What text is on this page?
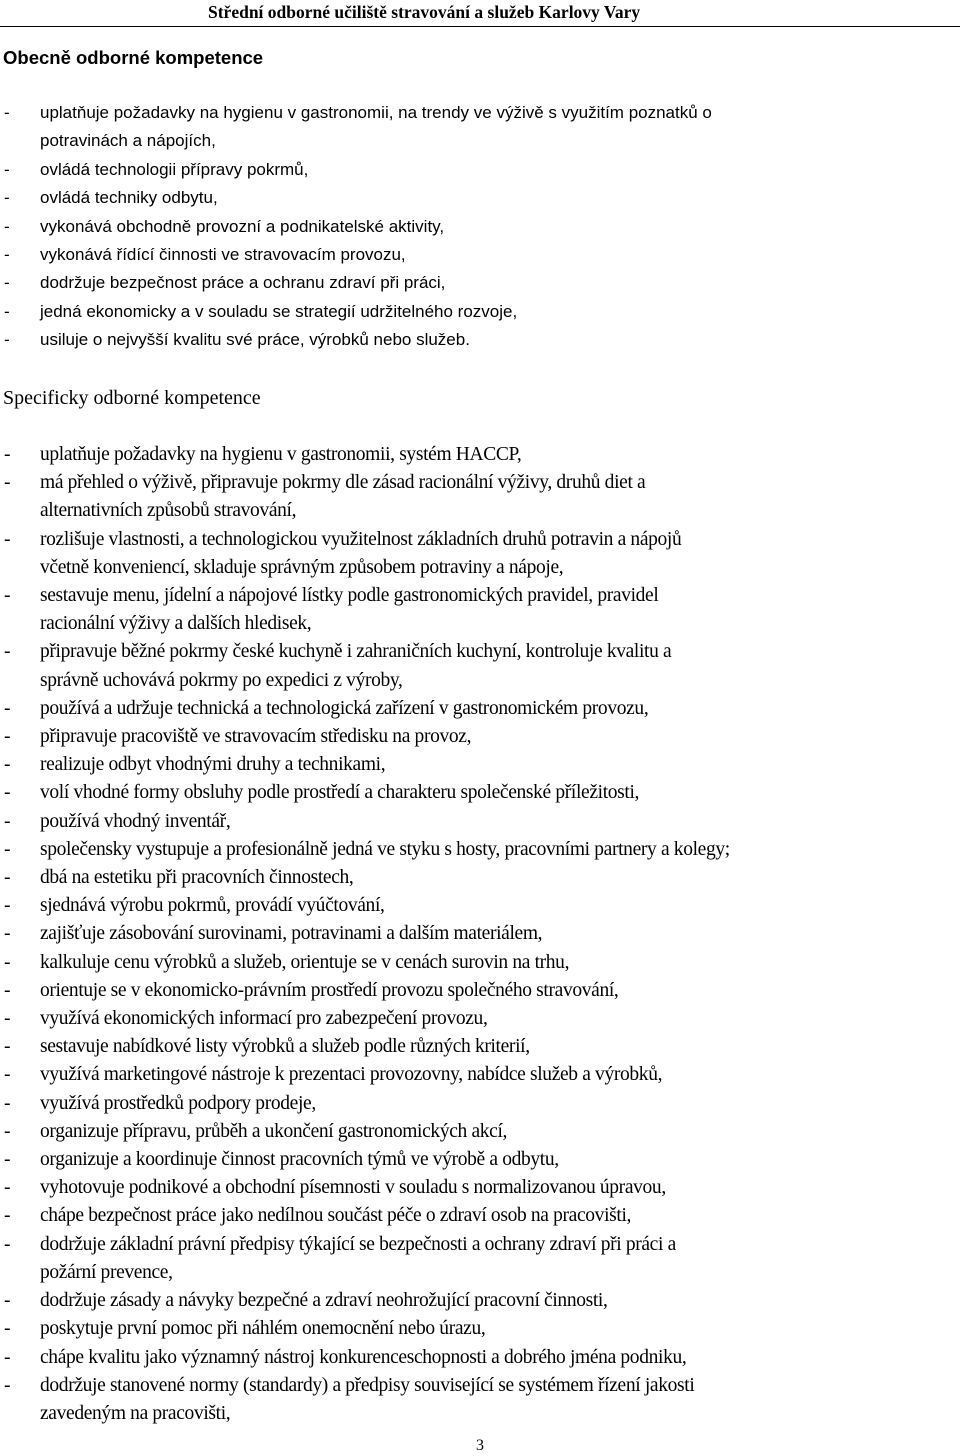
Střední odborné učiliště stravování a služeb Karlovy Vary
Obecně odborné kompetence
- uplatňuje požadavky na hygienu v gastronomii, na trendy ve výživě s využitím poznatků o
potravinách a nápojích,
- ovládá technologii přípravy pokrmů,
- ovládá techniky odbytu,
- vykonává obchodně provozní a podnikatelské aktivity,
- vykonává řídící činnosti ve stravovacím provozu,
- dodržuje bezpečnost práce a ochranu zdraví při práci,
- jedná ekonomicky a v souladu se strategií udržitelného rozvoje,
- usiluje o nejvyšší kvalitu své práce, výrobků nebo služeb.
Specificky odborné kompetence
- uplatňuje požadavky na hygienu v gastronomii, systém HACCP,
- má přehled o výživě, připravuje pokrmy dle zásad racionální výživy, druhů diet a
alternativních způsobů stravování,
- rozlišuje vlastnosti, a technologickou využitelnost základních druhů potravin a nápojů
včetně konveniencí, skladuje správným způsobem potraviny a nápoje,
- sestavuje menu, jídelní a nápojové lístky podle gastronomických pravidel, pravidel
racionální výživy a dalších hledisek,
- připravuje běžné pokrmy české kuchyně i zahraničních kuchyní, kontroluje kvalitu a
správně uchovává pokrmy po expedici z výroby,
- používá a udržuje technická a technologická zařízení v gastronomickém provozu,
- připravuje pracoviště ve stravovacím středisku na provoz,
- realizuje odbyt vhodnými druhy a technikami,
- volí vhodné formy obsluhy podle prostředí a charakteru společenské příležitosti,
- používá vhodný inventář,
- společensky vystupuje a profesionálně jedná ve styku s hosty, pracovními partnery a kolegy;
- dbá na estetiku při pracovních činnostech,
- sjednává výrobu pokrmů, provádí vyúčtování,
- zajišťuje zásobování surovinami, potravinami a dalším materiálem,
- kalkuluje cenu výrobků a služeb, orientuje se v cenách surovin na trhu,
- orientuje se v ekonomicko-právním prostředí provozu společného stravování,
- využívá ekonomických informací pro zabezpečení provozu,
- sestavuje nabídkové listy výrobků a služeb podle různých kriterií,
- využívá marketingové nástroje k prezentaci provozovny, nabídce služeb a výrobků,
- využívá prostředků podpory prodeje,
- organizuje přípravu, průběh a ukončení gastronomických akcí,
- organizuje a koordinuje činnost pracovních týmů ve výrobě a odbytu,
- vyhotovuje podnikové a obchodní písemnosti v souladu s normalizovanou úpravou,
- chápe bezpečnost práce jako nedílnou součást péče o zdraví osob na pracovišti,
- dodržuje základní právní předpisy týkající se bezpečnosti a ochrany zdraví při práci a
požární prevence,
- dodržuje zásady a návyky bezpečné a zdraví neohrožující pracovní činnosti,
- poskytuje první pomoc při náhlém onemocnění nebo úrazu,
- chápe kvalitu jako významný nástroj konkurenceschopnosti a dobrého jména podniku,
- dodržuje stanovené normy (standardy) a předpisy související se systémem řízení jakosti
zavedeným na pracovišti,
3
